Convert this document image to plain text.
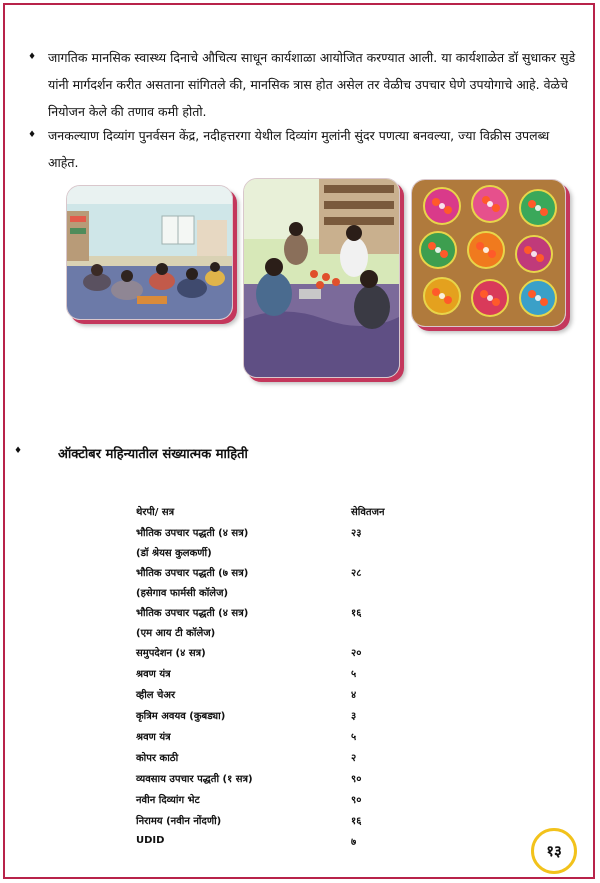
♦ जागतिक मानसिक स्वास्थ्य दिनाचे औचित्य साधून कार्यशाळा आयोजित करण्यात आली. या कार्यशाळेत डॉ सुधाकर सुडे यांनी मार्गदर्शन करीत असताना सांगितले की, मानसिक त्रास होत असेल तर वेळीच उपचार घेणे उपयोगाचे आहे. वेळेचे नियोजन केले की तणाव कमी होतो.
♦ जनकल्याण दिव्यांग पुनर्वसन केंद्र, नदीहत्तरगा येथील दिव्यांग मुलांनी सुंदर पणत्या बनवल्या, ज्या विक्रीस उपलब्ध आहेत.
♦	ऑक्टोबर महिन्यातील संख्यात्मक माहिती
थेरपी/ सत्र	सेवितजन
भौतिक उपचार पद्धती (४ सत्र)	२३
(डॉ श्रेयस कुलकर्णी)	
भौतिक उपचार पद्धती (७ सत्र)	२८
(हसेगाव फार्मसी कॉलेज)	
भौतिक उपचार पद्धती (४ सत्र)	१६
(एम आय टी कॉलेज)	
समुपदेशन (४ सत्र)	२०
श्रवण यंत्र	५
व्हील चेअर	४
कृत्रिम अवयव (कुबड्या)	३
श्रवण यंत्र	५
कोपर काठी	२
व्यवसाय उपचार पद्धती (१ सत्र)	९०
नवीन दिव्यांग भेट	९०
निरामय (नवीन नोंदणी)	१६
UDID	७	१३
